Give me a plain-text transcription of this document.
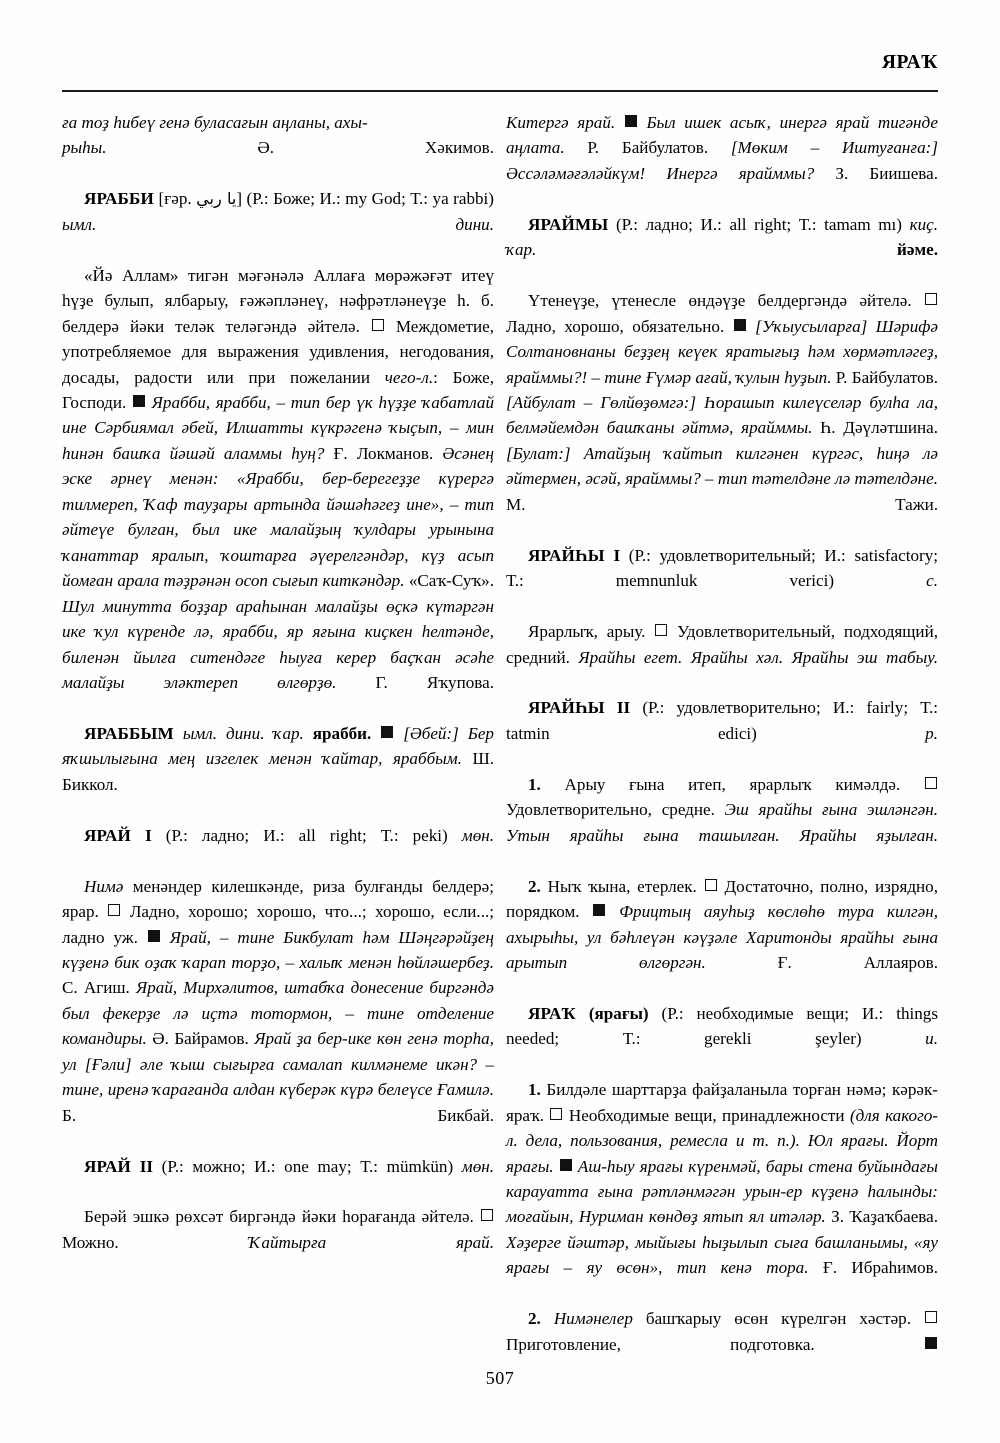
ЯРАҠ

ға тоҙ һибеү генә буласағын аңланы, ахы-
рыһы.	Ә. Хәкимов.

ЯРАББИ [ғәр. يا ربي] (Р.: Боже; И.: my God; Т.: ya rabbi) ымл. дини.

«Йә Аллам» тигән мәғәнәлә Аллаға мөрәжәғәт итеү һүҙе булып, ялбарыу, ғәжәпләнеү, нәфрәтләнеүҙе һ. б. белдерә йәки теләк теләгәндә әйтелә. Междометие, употребляемое для выражения удивления, негодования, досады, радости или при пожелании чего-л.: Боже, Господи. Ярабби, ярабби, – тип бер үк һүҙҙе ҡабатлай ине Сәрбиямал әбей, Илшатты күкрәгенә ҡыҫып, – мин һинән башҡа йәшәй аламмы һуң? Ғ. Локманов. Әсәнең эске әрнеү менән: «Ярабби, бер-берегеҙҙе күрергә тилмереп, Ҡаф тауҙары артында йәшәһәгеҙ ине», – тип әйтеүе булған, был ике малайҙың ҡулдары урынына ҡанаттар яралып, ҡоштарға әүерелгәндәр, күҙ асып йомған арала тәҙрәнән осоп сығып киткәндәр. «Саҡ-Суҡ». Шул минутта боҙҙар араһынан малайҙы өҫкә күтәргән ике ҡул күренде лә, ярабби, яр яғына киҫкен һелтәнде, биленән йылға ситендәге һыуға керep баҫҡан әсәһе малайҙы эләктереп өлгөрҙө. Г. Яҡупова.

ЯРАББЫМ ымл. дини. ҡар. ярабби. [Әбей:] Бер яҡшылығына мең изгелек менән ҡайтар, яраббым. Ш. Биккол.

ЯРАЙ I (Р.: ладно; И.: all right; Т.: peki) мөн.

Нимә менәндер килешкәнде, риза булғанды белдерә; ярар. Ладно, хорошо; хорошо, что...; хорошо, если...; ладно уж. Ярай, – тине Бикбулат һәм Шәңгәрәйҙең күҙенә бик оҙаҡ ҡарап торҙо, – халыҡ менән һөйләшербеҙ. С. Агиш. Ярай, Мирхәлитов, штабҡа донесение биргәндә был фекерҙе лә иҫтә тотормон, – тине отделение командиры. Ә. Байрамов. Ярай ҙа бер-ике көн генә торһа, ул [Ғәли] әле ҡыш сығырға самалап килмәнеме икән? – тине, иренә ҡарағанда алдан күберәк күрә белеүсе Ғамилә. Б. Бикбай.

ЯРАЙ II (Р.: можно; И.: one may; Т.: mümkün) мөн.

Берәй эшкә рөхсәт биргәндә йәки һорағанда әйтелә.  Можно.	Ҡайтырға ярай.

Китергә ярай. Был ишек асыҡ, инергә ярай тигәнде аңлата. Р. Байбулатов. [Мөким – Иштуғанға:] Әссәләмәғәләйкүм! Инергә ярайммы? З. Биишева.

ЯРАЙМЫ (Р.: ладно; И.: all right; Т.: tamam mı) киҫ. ҡар. йәме.

Үтенеүҙе, үтенесле өндәүҙе белдергәндә әйтелә.  Ладно, хорошо, обязательно. [Уҡыусыларға] Шәрифә Солтановнаны беҙҙең кеүек яратығыҙ һәм хөрмәтләгеҙ, ярайммы?! – тине Ғүмәр ағай, ҡулын һуҙып. Р. Байбулатов. [Айбулат – Гөлйөҙөмгә:] Һорашып килеүселәр булһа ла, белмәйемдән башҡаны әйтмә, ярайммы. Һ. Дәүләтшина. [Булат:] Атайҙың ҡайтып килгәнен күргәс, һиңә лә әйтермен, әсәй, ярайммы? – тип тәтелдәне лә тәтелдәне. М. Тажи.

ЯРАЙҺЫ I (Р.: удовлетворительный; И.: satisfactory; Т.: memnunluk verici) с.

Ярарлыҡ, арыу. Удовлетворительный, подходящий, средний. Ярайһы егет. Ярайһы хәл. Ярайһы эш табыу.

ЯРАЙҺЫ II (Р.: удовлетворительно; И.: fairly; Т.: tatmin edici) р.

1. Арыу ғына итеп, ярарлыҡ кимәлдә.  Удовлетворительно, средне. Эш ярайһы ғына эшләнгән. Утын ярайһы ғына ташылған. Ярайһы яҙылған.

2. Ныҡ ҡына, етерлек. Достаточно, полно, изрядно, порядком. Фрицтың аяуһыҙ көслөһө тура килгән, ахырыһы, ул бәһлеүән кәүҙәле Харитонды ярайһы ғына арытып өлгөргән. Ғ. Аллаяров.

ЯРАҠ (ярағы) (Р.: необходимые вещи; И.: things needed; Т.: gerekli şeyler) и.

1. Билдәле шарттарҙа файҙаланыла торған нәмә; кәрәк-яраҡ. Необходимые вещи, принадлежности (для какого-л. дела, пользования, ремесла и т. п.). Юл ярағы. Йорт ярағы. Аш-һыу ярағы күренмәй, бары стена буйындағы карауатта ғына рәтләнмәгән урын-ер күҙенә һалынды: моғайын, Нуриман көндөҙ ятып ял итәләр. З. Ҡаҙаҡбаева. Хәҙерге йәштәр, мыйығы һыҙылып сыға башланымы, «яу ярағы – яу өсөн», тип кенә тора. Ғ. Ибраһимов.

2. Нимәнелер башҡарыу өсөн күрелгән хәстәр.  Приготовление, подготовка.

507
